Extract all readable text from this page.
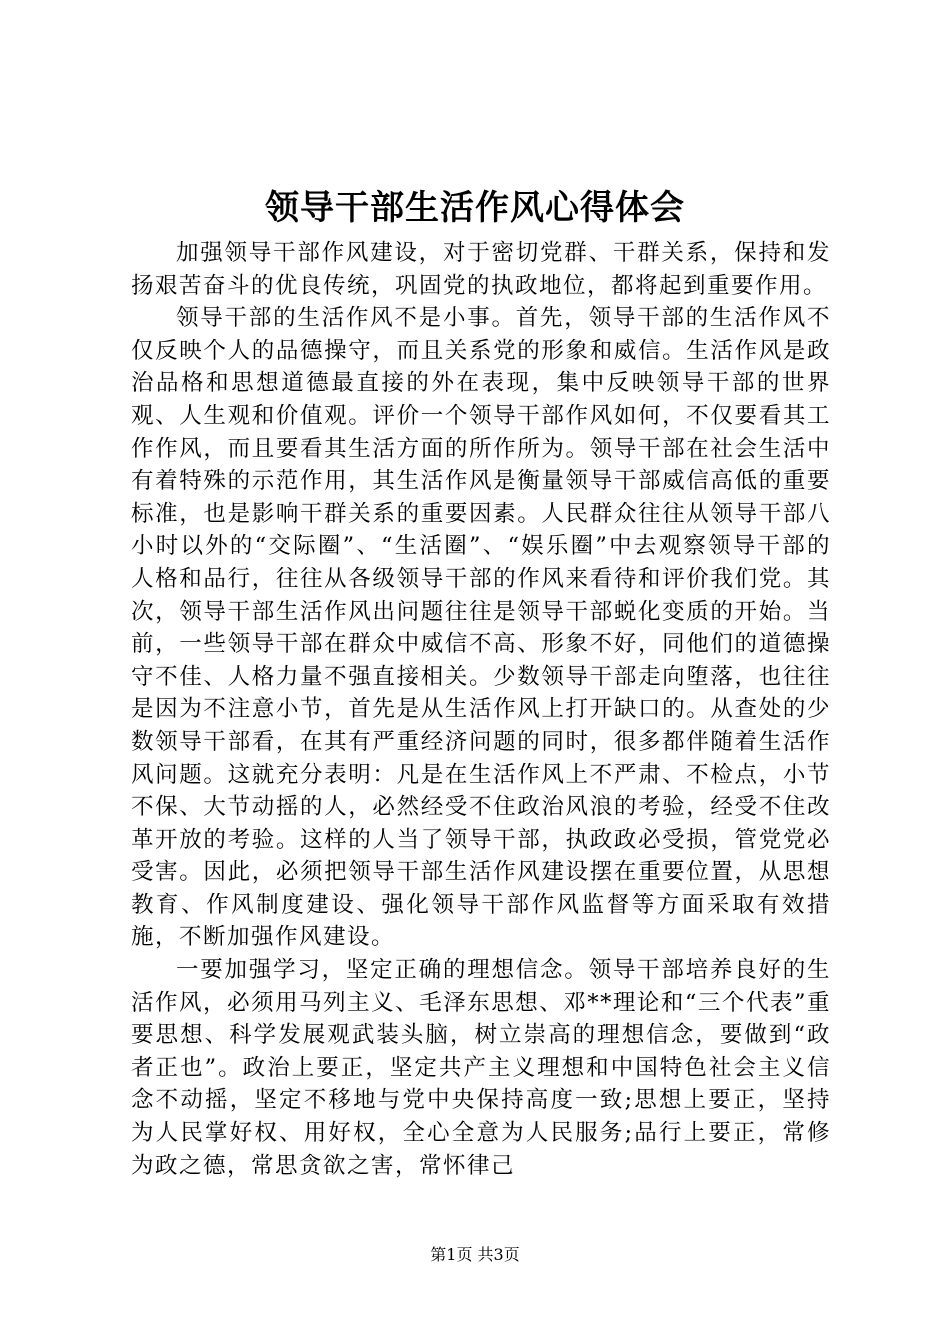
领导干部生活作风心得体会

加强领导干部作风建设，对于密切党群、干群关系，保持和发扬艰苦奋斗的优良传统，巩固党的执政地位，都将起到重要作用。

领导干部的生活作风不是小事。首先，领导干部的生活作风不仅反映个人的品德操守，而且关系党的形象和威信。生活作风是政治品格和思想道德最直接的外在表现，集中反映领导干部的世界观、人生观和价值观。评价一个领导干部作风如何，不仅要看其工作作风，而且要看其生活方面的所作所为。领导干部在社会生活中有着特殊的示范作用，其生活作风是衡量领导干部威信高低的重要标准，也是影响干群关系的重要因素。人民群众往往从领导干部八小时以外的“交际圈”、“生活圈”、“娱乐圈”中去观察领导干部的人格和品行，往往从各级领导干部的作风来看待和评价我们党。其次，领导干部生活作风出问题往往是领导干部蜕化变质的开始。当前，一些领导干部在群众中威信不高、形象不好，同他们的道德操守不佳、人格力量不强直接相关。少数领导干部走向堕落，也往往是因为不注意小节，首先是从生活作风上打开缺口的。从查处的少数领导干部看，在其有严重经济问题的同时，很多都伴随着生活作风问题。这就充分表明：凡是在生活作风上不严肃、不检点，小节不保、大节动摇的人，必然经受不住政治风浪的考验，经受不住改革开放的考验。这样的人当了领导干部，执政政必受损，管党党必受害。因此，必须把领导干部生活作风建设摆在重要位置，从思想教育、作风制度建设、强化领导干部作风监督等方面采取有效措施，不断加强作风建设。

一要加强学习，坚定正确的理想信念。领导干部培养良好的生活作风，必须用马列主义、毛泽东思想、邓**理论和“三个代表”重要思想、科学发展观武装头脑，树立崇高的理想信念，要做到“政者正也”。政治上要正，坚定共产主义理想和中国特色社会主义信念不动摇，坚定不移地与党中央保持高度一致;思想上要正，坚持为人民掌好权、用好权，全心全意为人民服务;品行上要正，常修为政之德，常思贪欲之害，常怀律己

第1页 共3页
